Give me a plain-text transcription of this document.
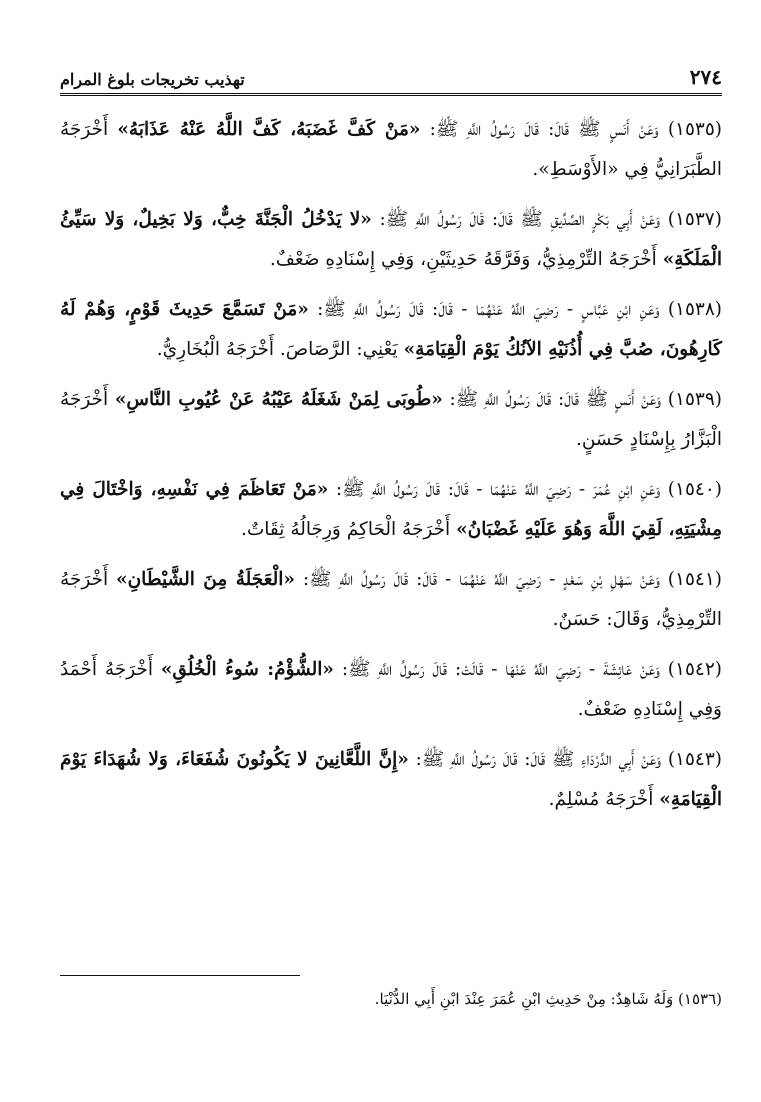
٢٧٤
تهذيب تخريجات بلوغ المرام

(١٥٣٥) وَعَنْ أَنَسٍ ﷺ قَالَ: قَالَ رَسُولُ اللَّهِ ﷺ: «مَنْ كَفَّ غَضَبَهُ، كَفَّ اللَّهُ عَنْهُ عَذَابَهُ» أَخْرَجَهُ الطَّبَرَانِيُّ فِي «الأَوْسَطِ».

(١٥٣٧) وَعَنْ أَبِي بَكْرٍ الصِّدِّيقِ ﷺ قَالَ: قَالَ رَسُولُ اللَّهِ ﷺ: «لا يَدْخُلُ الْجَنَّةَ خِبٌّ، وَلا بَخِيلٌ، وَلا سَيِّئُ الْمَلَكَةِ» أَخْرَجَهُ التِّرْمِذِيُّ، وَفَرَّقَهُ حَدِيثَيْنِ، وَفِي إِسْنَادِهِ ضَعْفٌ.

(١٥٣٨) وَعَنِ ابْنِ عَبَّاسٍ - رَضِيَ اللَّهُ عَنْهُمَا - قَالَ: قَالَ رَسُولُ اللَّهِ ﷺ: «مَنْ تَسَمَّعَ حَدِيثَ قَوْمٍ، وَهُمْ لَهُ كَارِهُونَ، صُبَّ فِي أُذُنَيْهِ الآنُكُ يَوْمَ الْقِيَامَةِ» يَعْنِي: الرَّصَاصَ. أَخْرَجَهُ الْبُخَارِيُّ.

(١٥٣٩) وَعَنْ أَنَسٍ ﷺ قَالَ: قَالَ رَسُولُ اللَّهِ ﷺ: «طُوبَى لِمَنْ شَغَلَهُ عَيْبُهُ عَنْ عُيُوبِ النَّاسِ» أَخْرَجَهُ الْبَزَّارُ بِإِسْنَادٍ حَسَنٍ.

(١٥٤٠) وَعَنِ ابْنِ عُمَرَ - رَضِيَ اللَّهُ عَنْهُمَا - قَالَ: قَالَ رَسُولُ اللَّهِ ﷺ: «مَنْ تَعَاظَمَ فِي نَفْسِهِ، وَاخْتَالَ فِي مِشْيَتِهِ، لَقِيَ اللَّهَ وَهُوَ عَلَيْهِ غَضْبَانُ» أَخْرَجَهُ الْحَاكِمُ وَرِجَالُهُ ثِقَاتٌ.

(١٥٤١) وَعَنْ سَهْلِ بْنِ سَعْدٍ - رَضِيَ اللَّهُ عَنْهُمَا - قَالَ: قَالَ رَسُولُ اللَّهِ ﷺ: «الْعَجَلَةُ مِنَ الشَّيْطَانِ» أَخْرَجَهُ التِّرْمِذِيُّ، وَقَالَ: حَسَنٌ.

(١٥٤٢) وَعَنْ عَائِشَةَ - رَضِيَ اللَّهُ عَنْهَا - قَالَتْ: قَالَ رَسُولُ اللَّهِ ﷺ: «الشُّؤْمُ: سُوءُ الْخُلُقِ» أَخْرَجَهُ أَحْمَدُ وَفِي إِسْنَادِهِ ضَعْفٌ.

(١٥٤٣) وَعَنْ أَبِي الدَّرْدَاءِ ﷺ قَالَ: قَالَ رَسُولُ اللَّهِ ﷺ: «إِنَّ اللَّعَّانِينَ لا يَكُونُونَ شُفَعَاءَ، وَلا شُهَدَاءَ يَوْمَ الْقِيَامَةِ» أَخْرَجَهُ مُسْلِمٌ.

(١٥٣٦) وَلَهُ شَاهِدٌ: مِنْ حَدِيثِ ابْنِ عُمَرَ عِنْدَ ابْنِ أَبِي الدُّنْيَا.
